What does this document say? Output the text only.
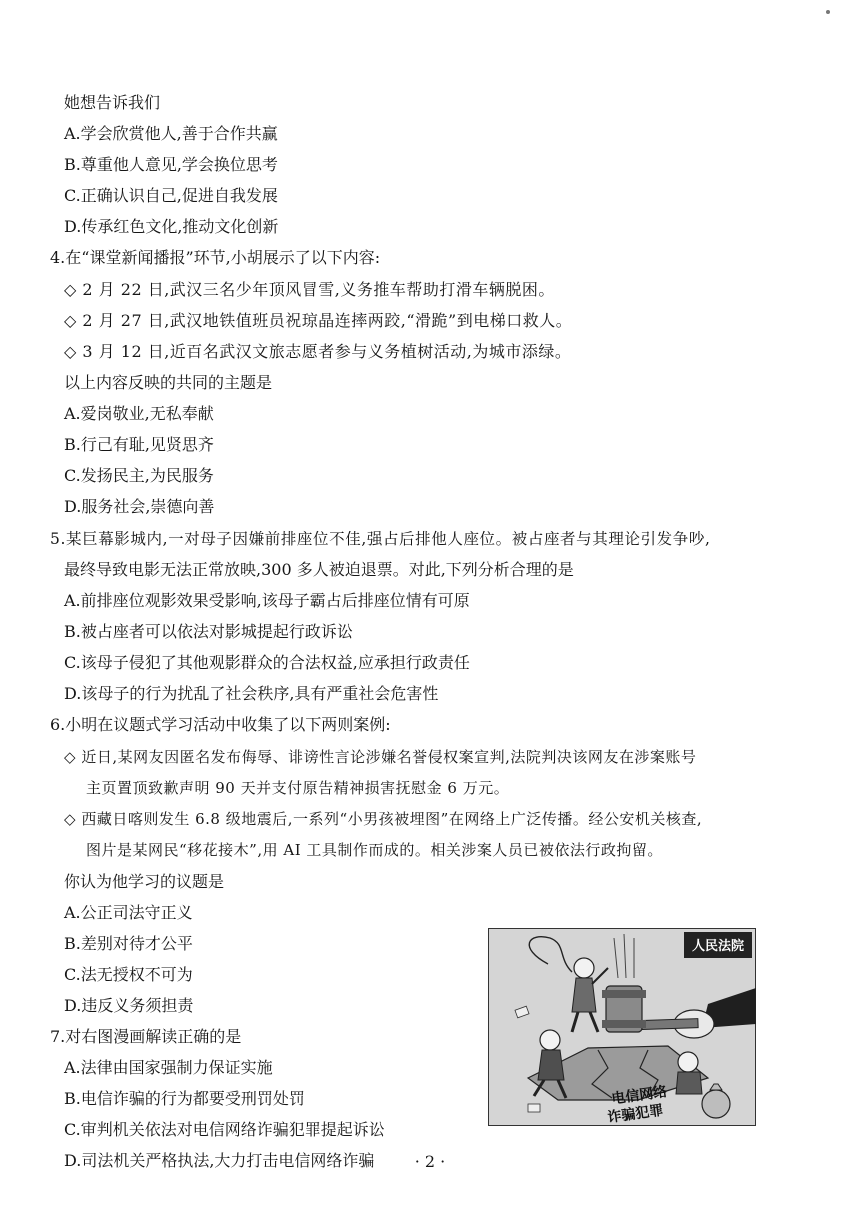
她想告诉我们
A.学会欣赏他人,善于合作共赢
B.尊重他人意见,学会换位思考
C.正确认识自己,促进自我发展
D.传承红色文化,推动文化创新
4.在“课堂新闻播报”环节,小胡展示了以下内容:
◇ 2 月 22 日,武汉三名少年顶风冒雪,义务推车帮助打滑车辆脱困。
◇ 2 月 27 日,武汉地铁值班员祝琼晶连摔两跤,“滑跪”到电梯口救人。
◇ 3 月 12 日,近百名武汉文旅志愿者参与义务植树活动,为城市添绿。
以上内容反映的共同的主题是
A.爱岗敬业,无私奉献
B.行己有耻,见贤思齐
C.发扬民主,为民服务
D.服务社会,崇德向善
5.某巨幕影城内,一对母子因嫌前排座位不佳,强占后排他人座位。被占座者与其理论引发争吵,
最终导致电影无法正常放映,300 多人被迫退票。对此,下列分析合理的是
A.前排座位观影效果受影响,该母子霸占后排座位情有可原
B.被占座者可以依法对影城提起行政诉讼
C.该母子侵犯了其他观影群众的合法权益,应承担行政责任
D.该母子的行为扰乱了社会秩序,具有严重社会危害性
6.小明在议题式学习活动中收集了以下两则案例:
◇ 近日,某网友因匿名发布侮辱、诽谤性言论涉嫌名誉侵权案宣判,法院判决该网友在涉案账号
主页置顶致歉声明 90 天并支付原告精神损害抚慰金 6 万元。
◇ 西藏日喀则发生 6.8 级地震后,一系列“小男孩被埋图”在网络上广泛传播。经公安机关核查,
图片是某网民“移花接木”,用 AI 工具制作而成的。相关涉案人员已被依法行政拘留。
你认为他学习的议题是
A.公正司法守正义
B.差别对待才公平
C.法无授权不可为
D.违反义务须担责
7.对右图漫画解读正确的是
A.法律由国家强制力保证实施
B.电信诈骗的行为都要受刑罚处罚
C.审判机关依法对电信网络诈骗犯罪提起诉讼
D.司法机关严格执法,大力打击电信网络诈骗
人民法院
电信网络
诈骗犯罪
· 2 ·
